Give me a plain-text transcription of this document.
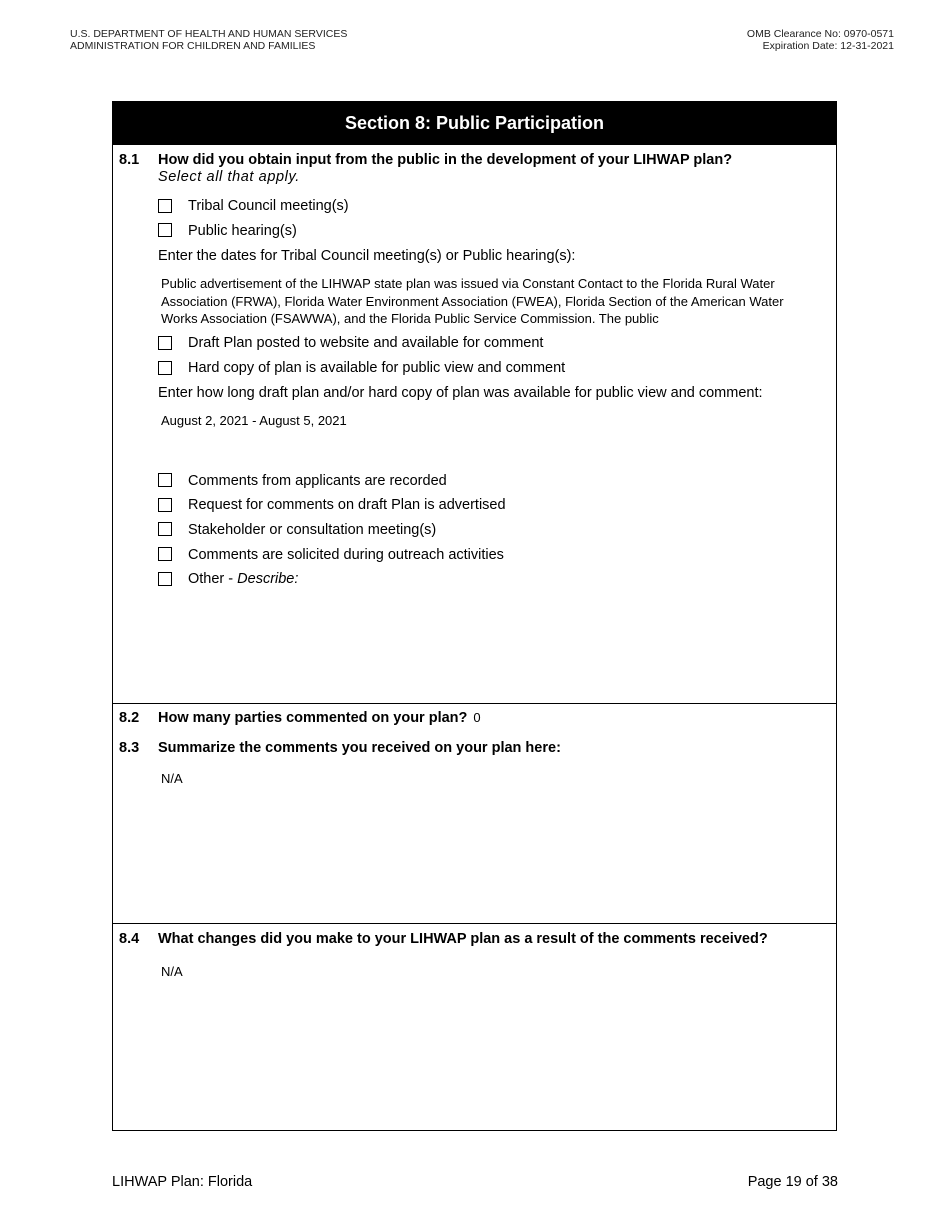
U.S. DEPARTMENT OF HEALTH AND HUMAN SERVICES
ADMINISTRATION FOR CHILDREN AND FAMILIES
OMB Clearance No: 0970-0571
Expiration Date: 12-31-2021
Section 8: Public Participation
8.1 How did you obtain input from the public in the development of your LIHWAP plan?
Select all that apply.
Tribal Council meeting(s)
Public hearing(s)
Enter the dates for Tribal Council meeting(s) or Public hearing(s):
Public advertisement of the LIHWAP state plan was issued via Constant Contact to the Florida Rural Water Association (FRWA), Florida Water Environment Association (FWEA), Florida Section of the American Water Works Association (FSAWWA), and the Florida Public Service Commission. The public
Draft Plan posted to website and available for comment
Hard copy of plan is available for public view and comment
Enter how long draft plan and/or hard copy of plan was available for public view and comment:
August 2, 2021 - August 5, 2021
Comments from applicants are recorded
Request for comments on draft Plan is advertised
Stakeholder or consultation meeting(s)
Comments are solicited during outreach activities
Other - Describe:
8.2 How many parties commented on your plan? 0
8.3 Summarize the comments you received on your plan here:
N/A
8.4 What changes did you make to your LIHWAP plan as a result of the comments received?
N/A
LIHWAP Plan: Florida	Page 19 of 38
